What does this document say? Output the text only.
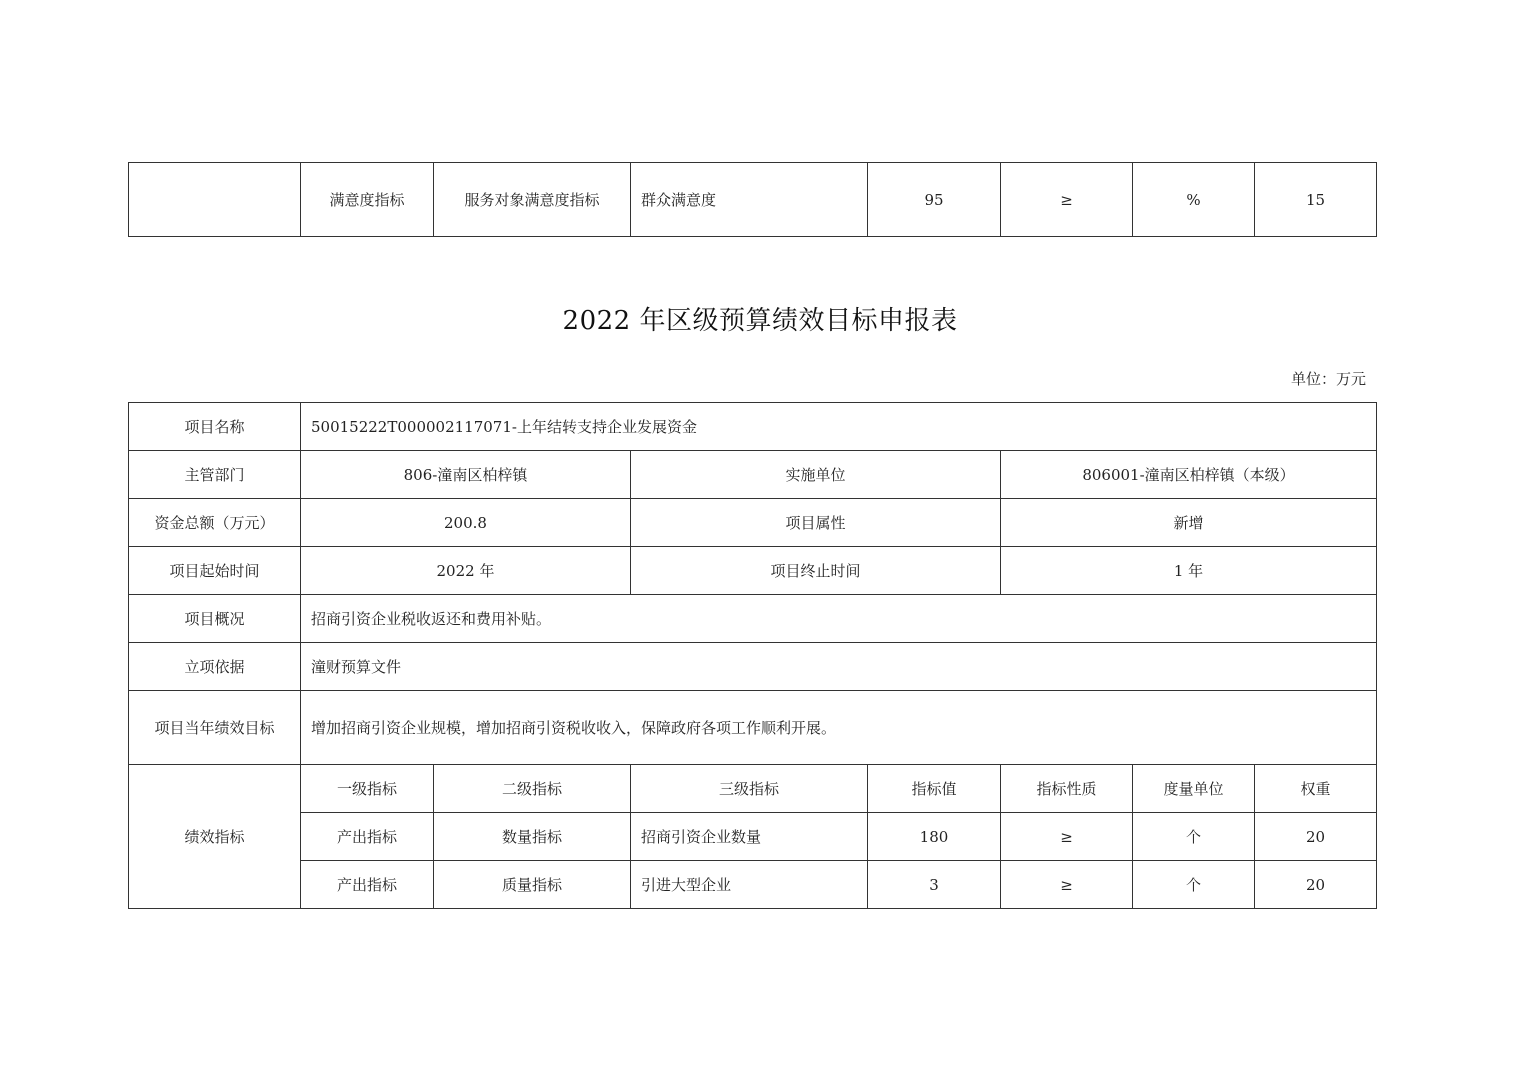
	满意度指标	服务对象满意度指标	群众满意度	95	≥	%	15
2022 年区级预算绩效目标申报表
单位：万元
项目名称	50015222T000002117071-上年结转支持企业发展资金						
主管部门	806-潼南区柏梓镇		实施单位		806001-潼南区柏梓镇（本级）		
资金总额（万元）	200.8		项目属性		新增		
项目起始时间	2022 年		项目终止时间		1 年		
项目概况	招商引资企业税收返还和费用补贴。						
立项依据	潼财预算文件						
项目当年绩效目标	增加招商引资企业规模，增加招商引资税收收入，保障政府各项工作顺利开展。						
绩效指标	一级指标	二级指标	三级指标	指标值	指标性质	度量单位	权重
	产出指标	数量指标	招商引资企业数量	180	≥	个	20
	产出指标	质量指标	引进大型企业	3	≥	个	20
